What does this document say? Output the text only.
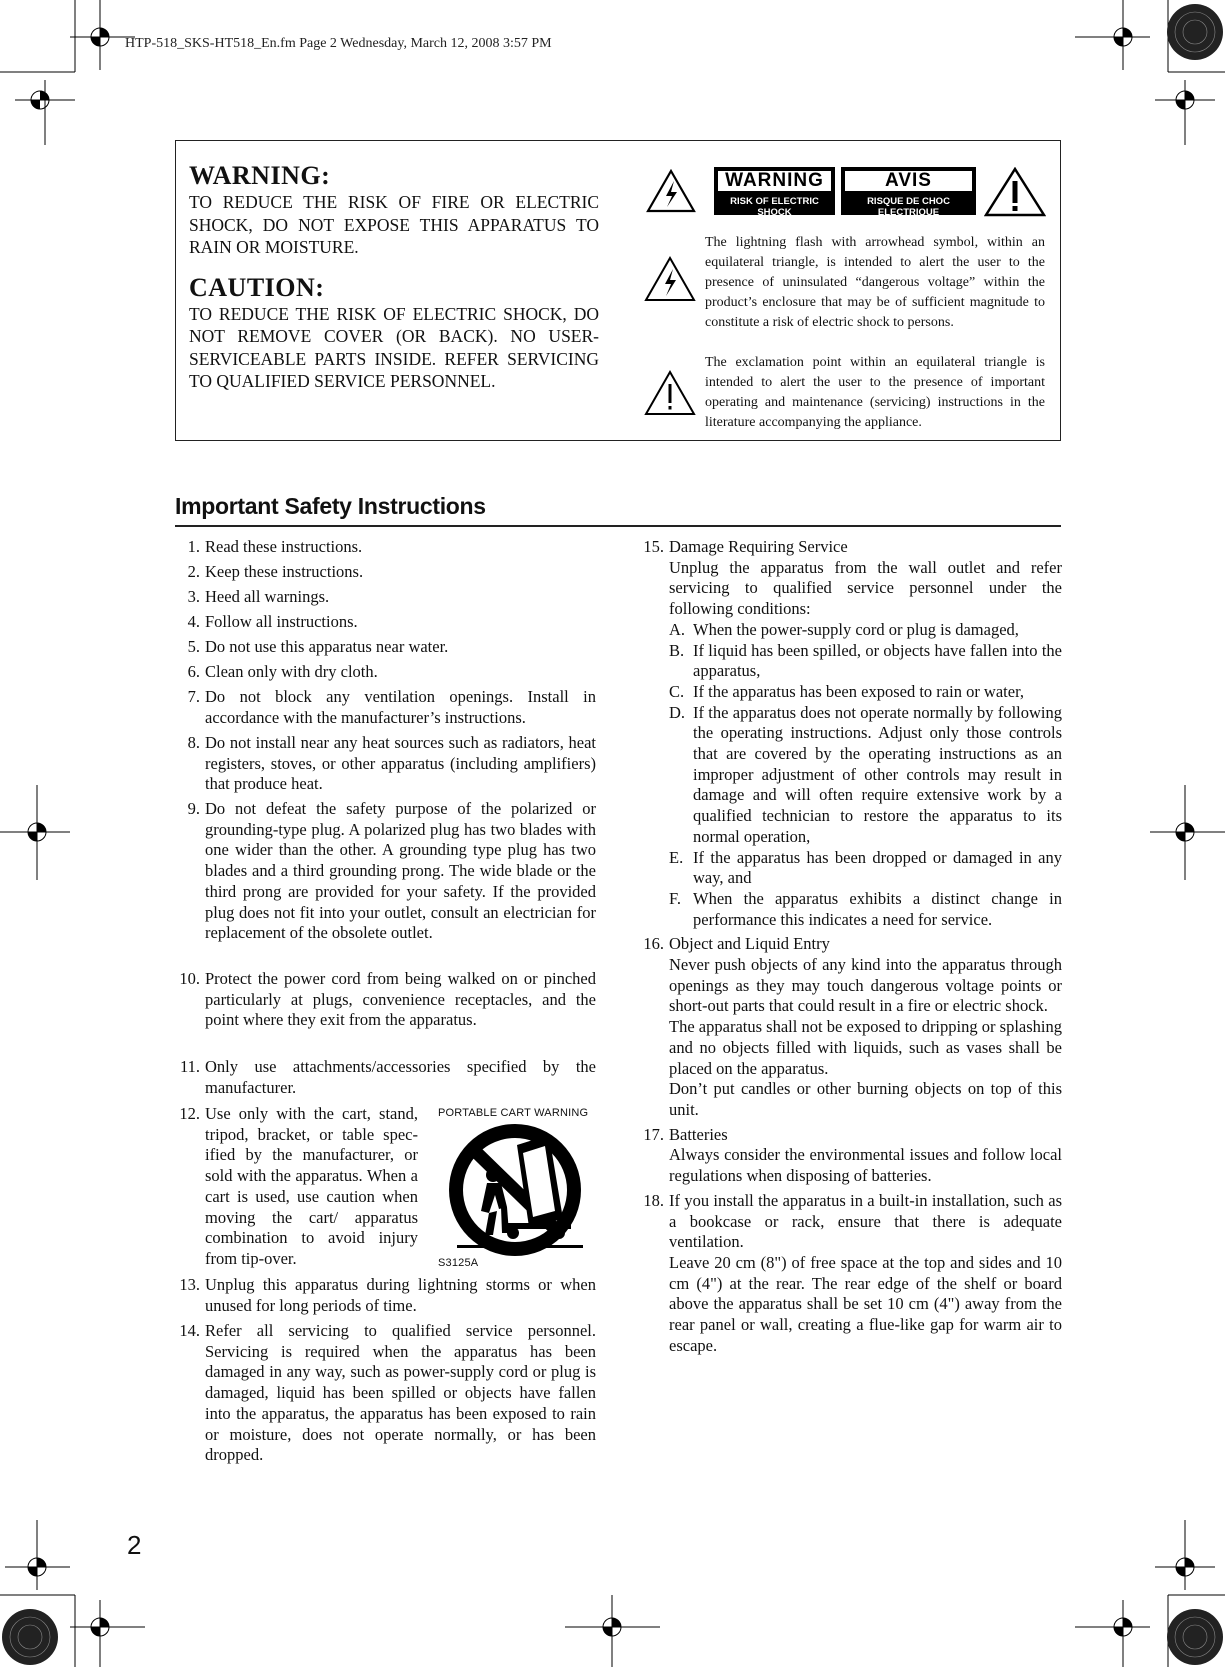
HTP-518_SKS-HT518_En.fm Page 2 Wednesday, March 12, 2008 3:57 PM
WARNING:
TO REDUCE THE RISK OF FIRE OR ELECTRIC SHOCK, DO NOT EXPOSE THIS APPARATUS TO RAIN OR MOISTURE.
CAUTION:
TO REDUCE THE RISK OF ELECTRIC SHOCK, DO NOT REMOVE COVER (OR BACK). NO USER-SERVICEABLE PARTS INSIDE. REFER SERVICING TO QUALIFIED SERVICE PERSONNEL.
WARNING
RISK OF ELECTRIC SHOCK
DO NOT OPEN
AVIS
RISQUE DE CHOC ELECTRIQUE
NE PAS OUVRIR
The lightning flash with arrowhead symbol, within an equilateral triangle, is intended to alert the user to the presence of uninsulated “dangerous voltage” within the product’s enclosure that may be of sufficient magnitude to constitute a risk of electric shock to persons.
The exclamation point within an equilateral triangle is intended to alert the user to the presence of important operating and maintenance (servicing) instructions in the literature accompanying the appliance.
Important Safety Instructions
1. Read these instructions.
2. Keep these instructions.
3. Heed all warnings.
4. Follow all instructions.
5. Do not use this apparatus near water.
6. Clean only with dry cloth.
7. Do not block any ventilation openings. Install in accordance with the manufacturer’s instructions.
8. Do not install near any heat sources such as radiators, heat registers, stoves, or other apparatus (including amplifiers) that produce heat.
9. Do not defeat the safety purpose of the polarized or grounding-type plug. A polarized plug has two blades with one wider than the other. A grounding type plug has two blades and a third grounding prong. The wide blade or the third prong are provided for your safety. If the provided plug does not fit into your outlet, consult an electrician for replacement of the obsolete outlet.
10. Protect the power cord from being walked on or pinched particularly at plugs, convenience receptacles, and the point where they exit from the apparatus.
11. Only use attachments/accessories specified by the manufacturer.
12. Use only with the cart, stand, tripod, bracket, or table specified by the manufacturer, or sold with the apparatus. When a cart is used, use caution when moving the cart/ apparatus combination to avoid injury from tip-over.
13. Unplug this apparatus during lightning storms or when unused for long periods of time.
14. Refer all servicing to qualified service personnel. Servicing is required when the apparatus has been damaged in any way, such as power-supply cord or plug is damaged, liquid has been spilled or objects have fallen into the apparatus, the apparatus has been exposed to rain or moisture, does not operate normally, or has been dropped.
PORTABLE CART WARNING
S3125A
15. Damage Requiring Service
Unplug the apparatus from the wall outlet and refer servicing to qualified service personnel under the following conditions:
A. When the power-supply cord or plug is damaged,
B. If liquid has been spilled, or objects have fallen into the apparatus,
C. If the apparatus has been exposed to rain or water,
D. If the apparatus does not operate normally by following the operating instructions. Adjust only those controls that are covered by the operating instructions as an improper adjustment of other controls may result in damage and will often require extensive work by a qualified technician to restore the apparatus to its normal operation,
E. If the apparatus has been dropped or damaged in any way, and
F. When the apparatus exhibits a distinct change in performance this indicates a need for service.
16. Object and Liquid Entry
Never push objects of any kind into the apparatus through openings as they may touch dangerous voltage points or short-out parts that could result in a fire or electric shock.
The apparatus shall not be exposed to dripping or splashing and no objects filled with liquids, such as vases shall be placed on the apparatus.
Don’t put candles or other burning objects on top of this unit.
17. Batteries
Always consider the environmental issues and follow local regulations when disposing of batteries.
18. If you install the apparatus in a built-in installation, such as a bookcase or rack, ensure that there is adequate ventilation.
Leave 20 cm (8") of free space at the top and sides and 10 cm (4") at the rear. The rear edge of the shelf or board above the apparatus shall be set 10 cm (4") away from the rear panel or wall, creating a flue-like gap for warm air to escape.
2
